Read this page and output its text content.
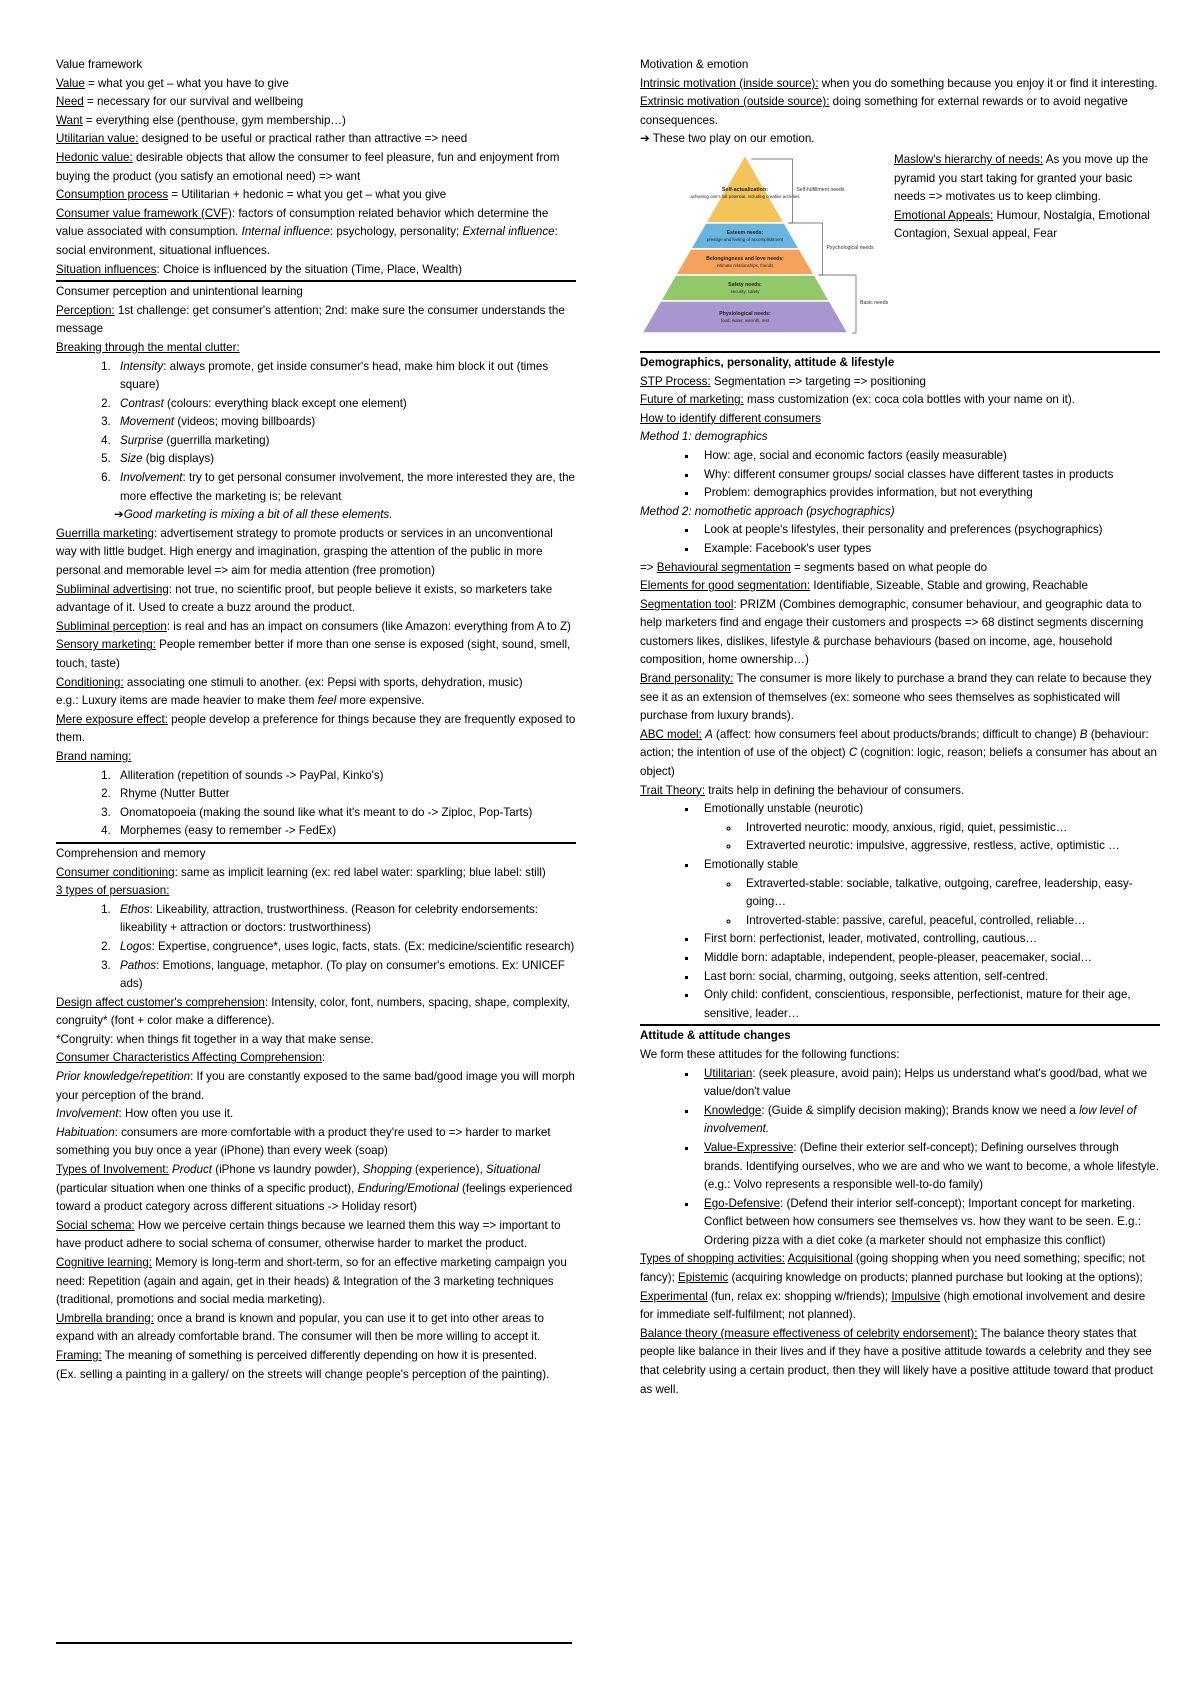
Value framework

Value = what you get – what you have to give

Need = necessary for our survival and wellbeing

Want = everything else (penthouse, gym membership…)

Utilitarian value: designed to be useful or practical rather than attractive => need

Hedonic value: desirable objects that allow the consumer to feel pleasure, fun and enjoyment from buying the product (you satisfy an emotional need) => want

Consumption process = Utilitarian + hedonic = what you get – what you give

Consumer value framework (CVF): factors of consumption related behavior which determine the value associated with consumption. Internal influence: psychology, personality; External influence: social environment, situational influences.

Situation influences: Choice is influenced by the situation (Time, Place, Wealth)

Consumer perception and unintentional learning

Perception: 1st challenge: get consumer's attention; 2nd: make sure the consumer understands the message

Breaking through the mental clutter:

1. Intensity: always promote, get inside consumer's head, make him block it out (times square)
2. Contrast (colours: everything black except one element)
3. Movement (videos; moving billboards)
4. Surprise (guerrilla marketing)
5. Size (big displays)
6. Involvement: try to get personal consumer involvement, the more interested they are, the more effective the marketing is; be relevant

➔Good marketing is mixing a bit of all these elements.

Guerrilla marketing: advertisement strategy to promote products or services in an unconventional way with little budget. High energy and imagination, grasping the attention of the public in more personal and memorable level => aim for media attention (free promotion)

Subliminal advertising: not true, no scientific proof, but people believe it exists, so marketers take advantage of it. Used to create a buzz around the product.

Subliminal perception: is real and has an impact on consumers (like Amazon: everything from A to Z)

Sensory marketing: People remember better if more than one sense is exposed (sight, sound, smell, touch, taste)

Conditioning: associating one stimuli to another. (ex: Pepsi with sports, dehydration, music)

e.g.: Luxury items are made heavier to make them feel more expensive.

Mere exposure effect: people develop a preference for things because they are frequently exposed to them.

Brand naming:

1. Alliteration (repetition of sounds -> PayPal, Kinko's)
2. Rhyme (Nutter Butter
3. Onomatopoeia (making the sound like what it's meant to do -> Ziploc, Pop-Tarts)
4. Morphemes (easy to remember -> FedEx)

Comprehension and memory

Consumer conditioning: same as implicit learning (ex: red label water: sparkling; blue label: still)

3 types of persuasion:

1. Ethos: Likeability, attraction, trustworthiness. (Reason for celebrity endorsements: likeability + attraction or doctors: trustworthiness)
2. Logos: Expertise, congruence*, uses logic, facts, stats. (Ex: medicine/scientific research)
3. Pathos: Emotions, language, metaphor. (To play on consumer's emotions. Ex: UNICEF ads)

Design affect customer's comprehension: Intensity, color, font, numbers, spacing, shape, complexity, congruity* (font + color make a difference).

*Congruity: when things fit together in a way that make sense.

Consumer Characteristics Affecting Comprehension:

Prior knowledge/repetition: If you are constantly exposed to the same bad/good image you will morph your perception of the brand.

Involvement: How often you use it.

Habituation: consumers are more comfortable with a product they're used to => harder to market something you buy once a year (iPhone) than every week (soap)

Types of Involvement: Product (iPhone vs laundry powder), Shopping (experience), Situational (particular situation when one thinks of a specific product), Enduring/Emotional (feelings experienced toward a product category across different situations -> Holiday resort)

Social schema: How we perceive certain things because we learned them this way => important to have product adhere to social schema of consumer, otherwise harder to market the product.

Cognitive learning: Memory is long-term and short-term, so for an effective marketing campaign you need: Repetition (again and again, get in their heads) & Integration of the 3 marketing techniques (traditional, promotions and social media marketing).

Umbrella branding: once a brand is known and popular, you can use it to get into other areas to expand with an already comfortable brand. The consumer will then be more willing to accept it.

Framing: The meaning of something is perceived differently depending on how it is presented.

(Ex. selling a painting in a gallery/ on the streets will change people's perception of the painting).

Motivation & emotion

Intrinsic motivation (inside source): when you do something because you enjoy it or find it interesting.

Extrinsic motivation (outside source): doing something for external rewards or to avoid negative consequences.

➔ These two play on our emotion.

Self-actualization:
achieving one's full potential, including creative activities
Esteem needs:
prestige and feeling of accomplishment
Belongingness and love needs:
intimate relationships, friends
Safety needs:
security, safety
Physiological needs:
food, water, warmth, rest
Self-fulfillment needs
Psychological needs
Basic needs

Maslow's hierarchy of needs: As you move up the pyramid you start taking for granted your basic needs => motivates us to keep climbing.

Emotional Appeals: Humour, Nostalgia, Emotional Contagion, Sexual appeal, Fear

Demographics, personality, attitude & lifestyle

STP Process: Segmentation => targeting => positioning

Future of marketing: mass customization (ex: coca cola bottles with your name on it).

How to identify different consumers

Method 1: demographics

▪ How: age, social and economic factors (easily measurable)
▪ Why: different consumer groups/ social classes have different tastes in products
▪ Problem: demographics provides information, but not everything

Method 2: nomothetic approach (psychographics)

▪ Look at people's lifestyles, their personality and preferences (psychographics)
▪ Example: Facebook's user types

=> Behavioural segmentation = segments based on what people do

Elements for good segmentation: Identifiable, Sizeable, Stable and growing, Reachable

Segmentation tool: PRIZM (Combines demographic, consumer behaviour, and geographic data to help marketers find and engage their customers and prospects => 68 distinct segments discerning customers likes, dislikes, lifestyle & purchase behaviours (based on income, age, household composition, home ownership…)

Brand personality: The consumer is more likely to purchase a brand they can relate to because they see it as an extension of themselves (ex: someone who sees themselves as sophisticated will purchase from luxury brands).

ABC model: A (affect: how consumers feel about products/brands; difficult to change) B (behaviour: action; the intention of use of the object) C (cognition: logic, reason; beliefs a consumer has about an object)

Trait Theory: traits help in defining the behaviour of consumers.

▪ Emotionally unstable (neurotic)
◦ Introverted neurotic: moody, anxious, rigid, quiet, pessimistic…
◦ Extraverted neurotic: impulsive, aggressive, restless, active, optimistic …
▪ Emotionally stable
◦ Extraverted-stable: sociable, talkative, outgoing, carefree, leadership, easy-going…
◦ Introverted-stable: passive, careful, peaceful, controlled, reliable…
▪ First born: perfectionist, leader, motivated, controlling, cautious…
▪ Middle born: adaptable, independent, people-pleaser, peacemaker, social…
▪ Last born: social, charming, outgoing, seeks attention, self-centred.
▪ Only child: confident, conscientious, responsible, perfectionist, mature for their age, sensitive, leader…

Attitude & attitude changes

We form these attitudes for the following functions:

▪ Utilitarian: (seek pleasure, avoid pain); Helps us understand what's good/bad, what we value/don't value
▪ Knowledge: (Guide & simplify decision making); Brands know we need a low level of involvement.
▪ Value-Expressive: (Define their exterior self-concept); Defining ourselves through brands. Identifying ourselves, who we are and who we want to become, a whole lifestyle. (e.g.: Volvo represents a responsible well-to-do family)
▪ Ego-Defensive: (Defend their interior self-concept); Important concept for marketing. Conflict between how consumers see themselves vs. how they want to be seen. E.g.: Ordering pizza with a diet coke (a marketer should not emphasize this conflict)

Types of shopping activities: Acquisitional (going shopping when you need something; specific; not fancy); Epistemic (acquiring knowledge on products; planned purchase but looking at the options); Experimental (fun, relax ex: shopping w/friends); Impulsive (high emotional involvement and desire for immediate self-fulfilment; not planned).

Balance theory (measure effectiveness of celebrity endorsement): The balance theory states that people like balance in their lives and if they have a positive attitude towards a celebrity and they see that celebrity using a certain product, then they will likely have a positive attitude toward that product as well.
